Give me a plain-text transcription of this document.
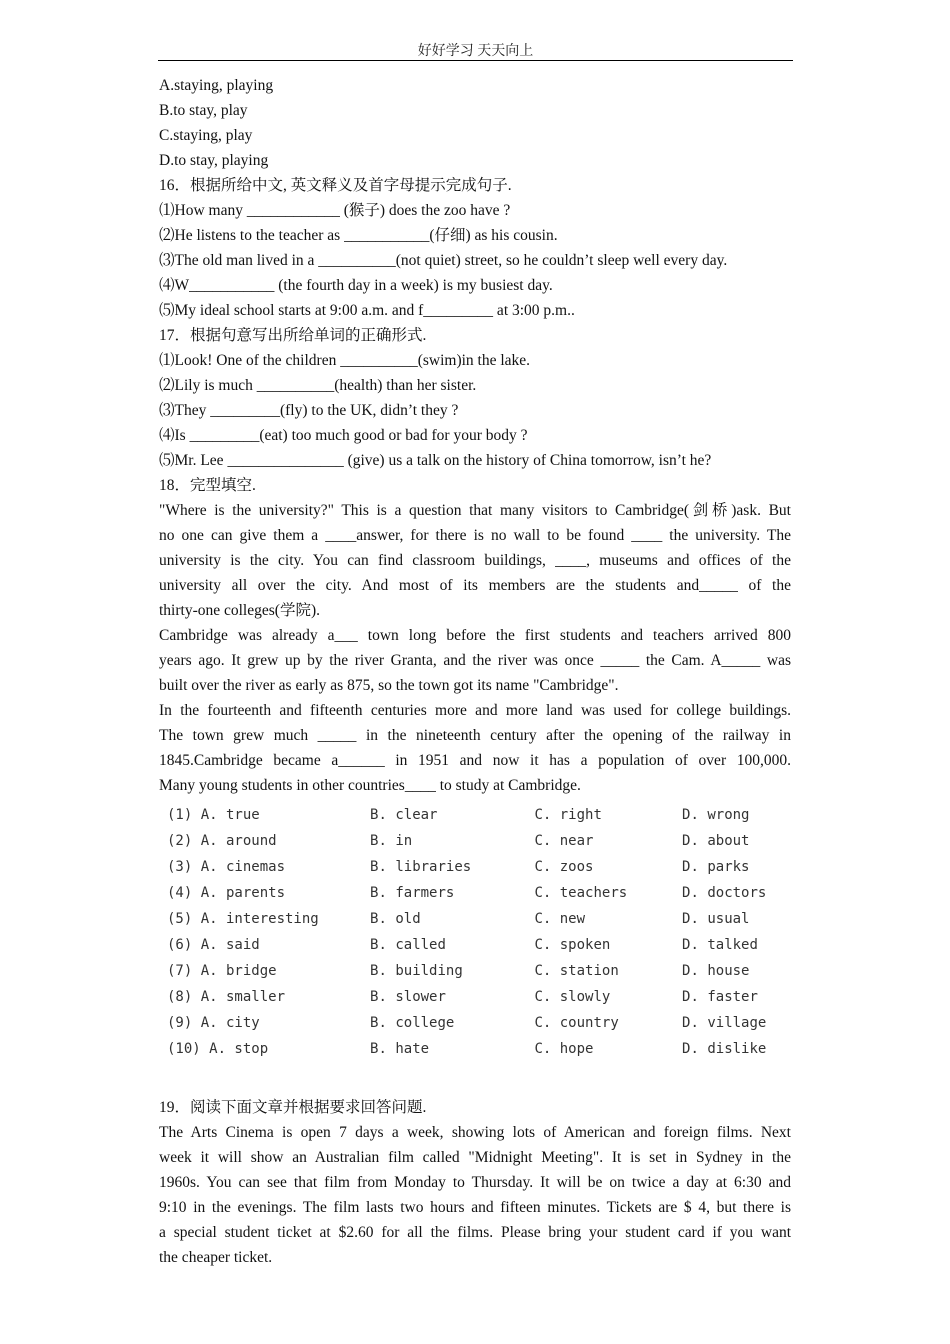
好好学习 天天向上
A.staying, playing
B.to stay, play
C.staying, play
D.to stay, playing
16．根据所给中文, 英文释义及首字母提示完成句子.
⑴How many ____________ (猴子) does the zoo have ?
⑵He listens to the teacher as ___________(仔细) as his cousin.
⑶The old man lived in a __________(not quiet) street, so he couldn’t sleep well every day.
⑷W___________ (the fourth day in a week) is my busiest day.
⑸My ideal school starts at 9:00 a.m. and f_________ at 3:00 p.m..
17．根据句意写出所给单词的正确形式.
⑴Look! One of the children __________(swim)in the lake.
⑵Lily is much __________(health) than her sister.
⑶They _________(fly) to the UK, didn’t they ?
⑷Is _________(eat) too much good or bad for your body ?
⑸Mr. Lee _______________ (give) us a talk on the history of China tomorrow, isn’t he?
18．完型填空.
"Where is the university?" This is a question that many visitors to Cambridge(剑桥)ask. But
no one can give them a ____answer, for there is no wall to be found ____ the university. The
university is the city. You can find classroom buildings, ____, museums and offices of the
university all over the city. And most of its members are the students and_____ of the
thirty-one colleges(学院).
Cambridge was already a___ town long before the first students and teachers arrived 800
years ago. It grew up by the river Granta, and the river was once _____ the Cam. A_____ was
built over the river as early as 875, so the town got its name "Cambridge".
In the fourteenth and fifteenth centuries more and more land was used for college buildings.
The town grew much _____ in the nineteenth century after the opening of the railway in
1845.Cambridge became a______ in 1951 and now it has a population of over 100,000.
Many young students in other countries____ to study at Cambridge.
(1) A. true	B. clear	C. right	D. wrong
(2) A. around	B. in	C. near	D. about
(3) A. cinemas	B. libraries	C. zoos	D. parks
(4) A. parents	B. farmers	C. teachers	D. doctors
(5) A. interesting	B. old	C. new	D. usual
(6) A. said	B. called	C. spoken	D. talked
(7) A. bridge	B. building	C. station	D. house
(8) A. smaller	B. slower	C. slowly	D. faster
(9) A. city	B. college	C. country	D. village
(10) A. stop	B. hate	C. hope	D. dislike
19．阅读下面文章并根据要求回答问题.
The Arts Cinema is open 7 days a week, showing lots of American and foreign films. Next
week it will show an Australian film called "Midnight Meeting". It is set in Sydney in the
1960s. You can see that film from Monday to Thursday. It will be on twice a day at 6:30 and
9:10 in the evenings. The film lasts two hours and fifteen minutes. Tickets are $ 4, but there is
a special student ticket at $2.60 for all the films. Please bring your student card if you want
the cheaper ticket.
